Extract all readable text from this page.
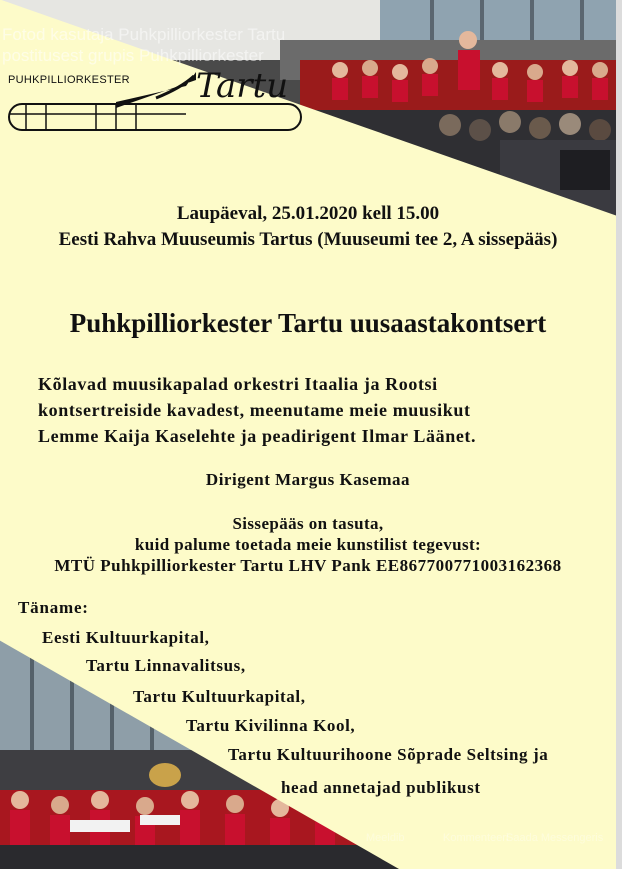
Fotod kasutaja Puhkpilliorkester Tartu
postitusest grupis Puhkpilliorkester
PUHKPILLIORKESTER Tartu
Laupäeval, 25.01.2020 kell 15.00
Eesti Rahva Muuseumis Tartus (Muuseumi tee 2, A sissepääs)
Puhkpilliorkester Tartu uusaastakontsert
Kõlavad muusikapalad orkestri Itaalia ja Rootsi
kontsertreiside kavadest, meenutame meie muusikut
Lemme Kaija Kaselehte ja peadirigent Ilmar Läänet.
Dirigent Margus Kasemaa
Sissepääs on tasuta,
kuid palume toetada meie kunstilist tegevust:
MTÜ Puhkpilliorkester Tartu LHV Pank EE867700771003162368
Täname:
Eesti Kultuurkapital,
Tartu Linnavalitsus,
Tartu Kultuurkapital,
Tartu Kivilinna Kool,
Tartu Kultuurihoone Sõprade Seltsing ja
head annetajad publikust
Meeldib	Kommenteeri
Saada Messengeris
